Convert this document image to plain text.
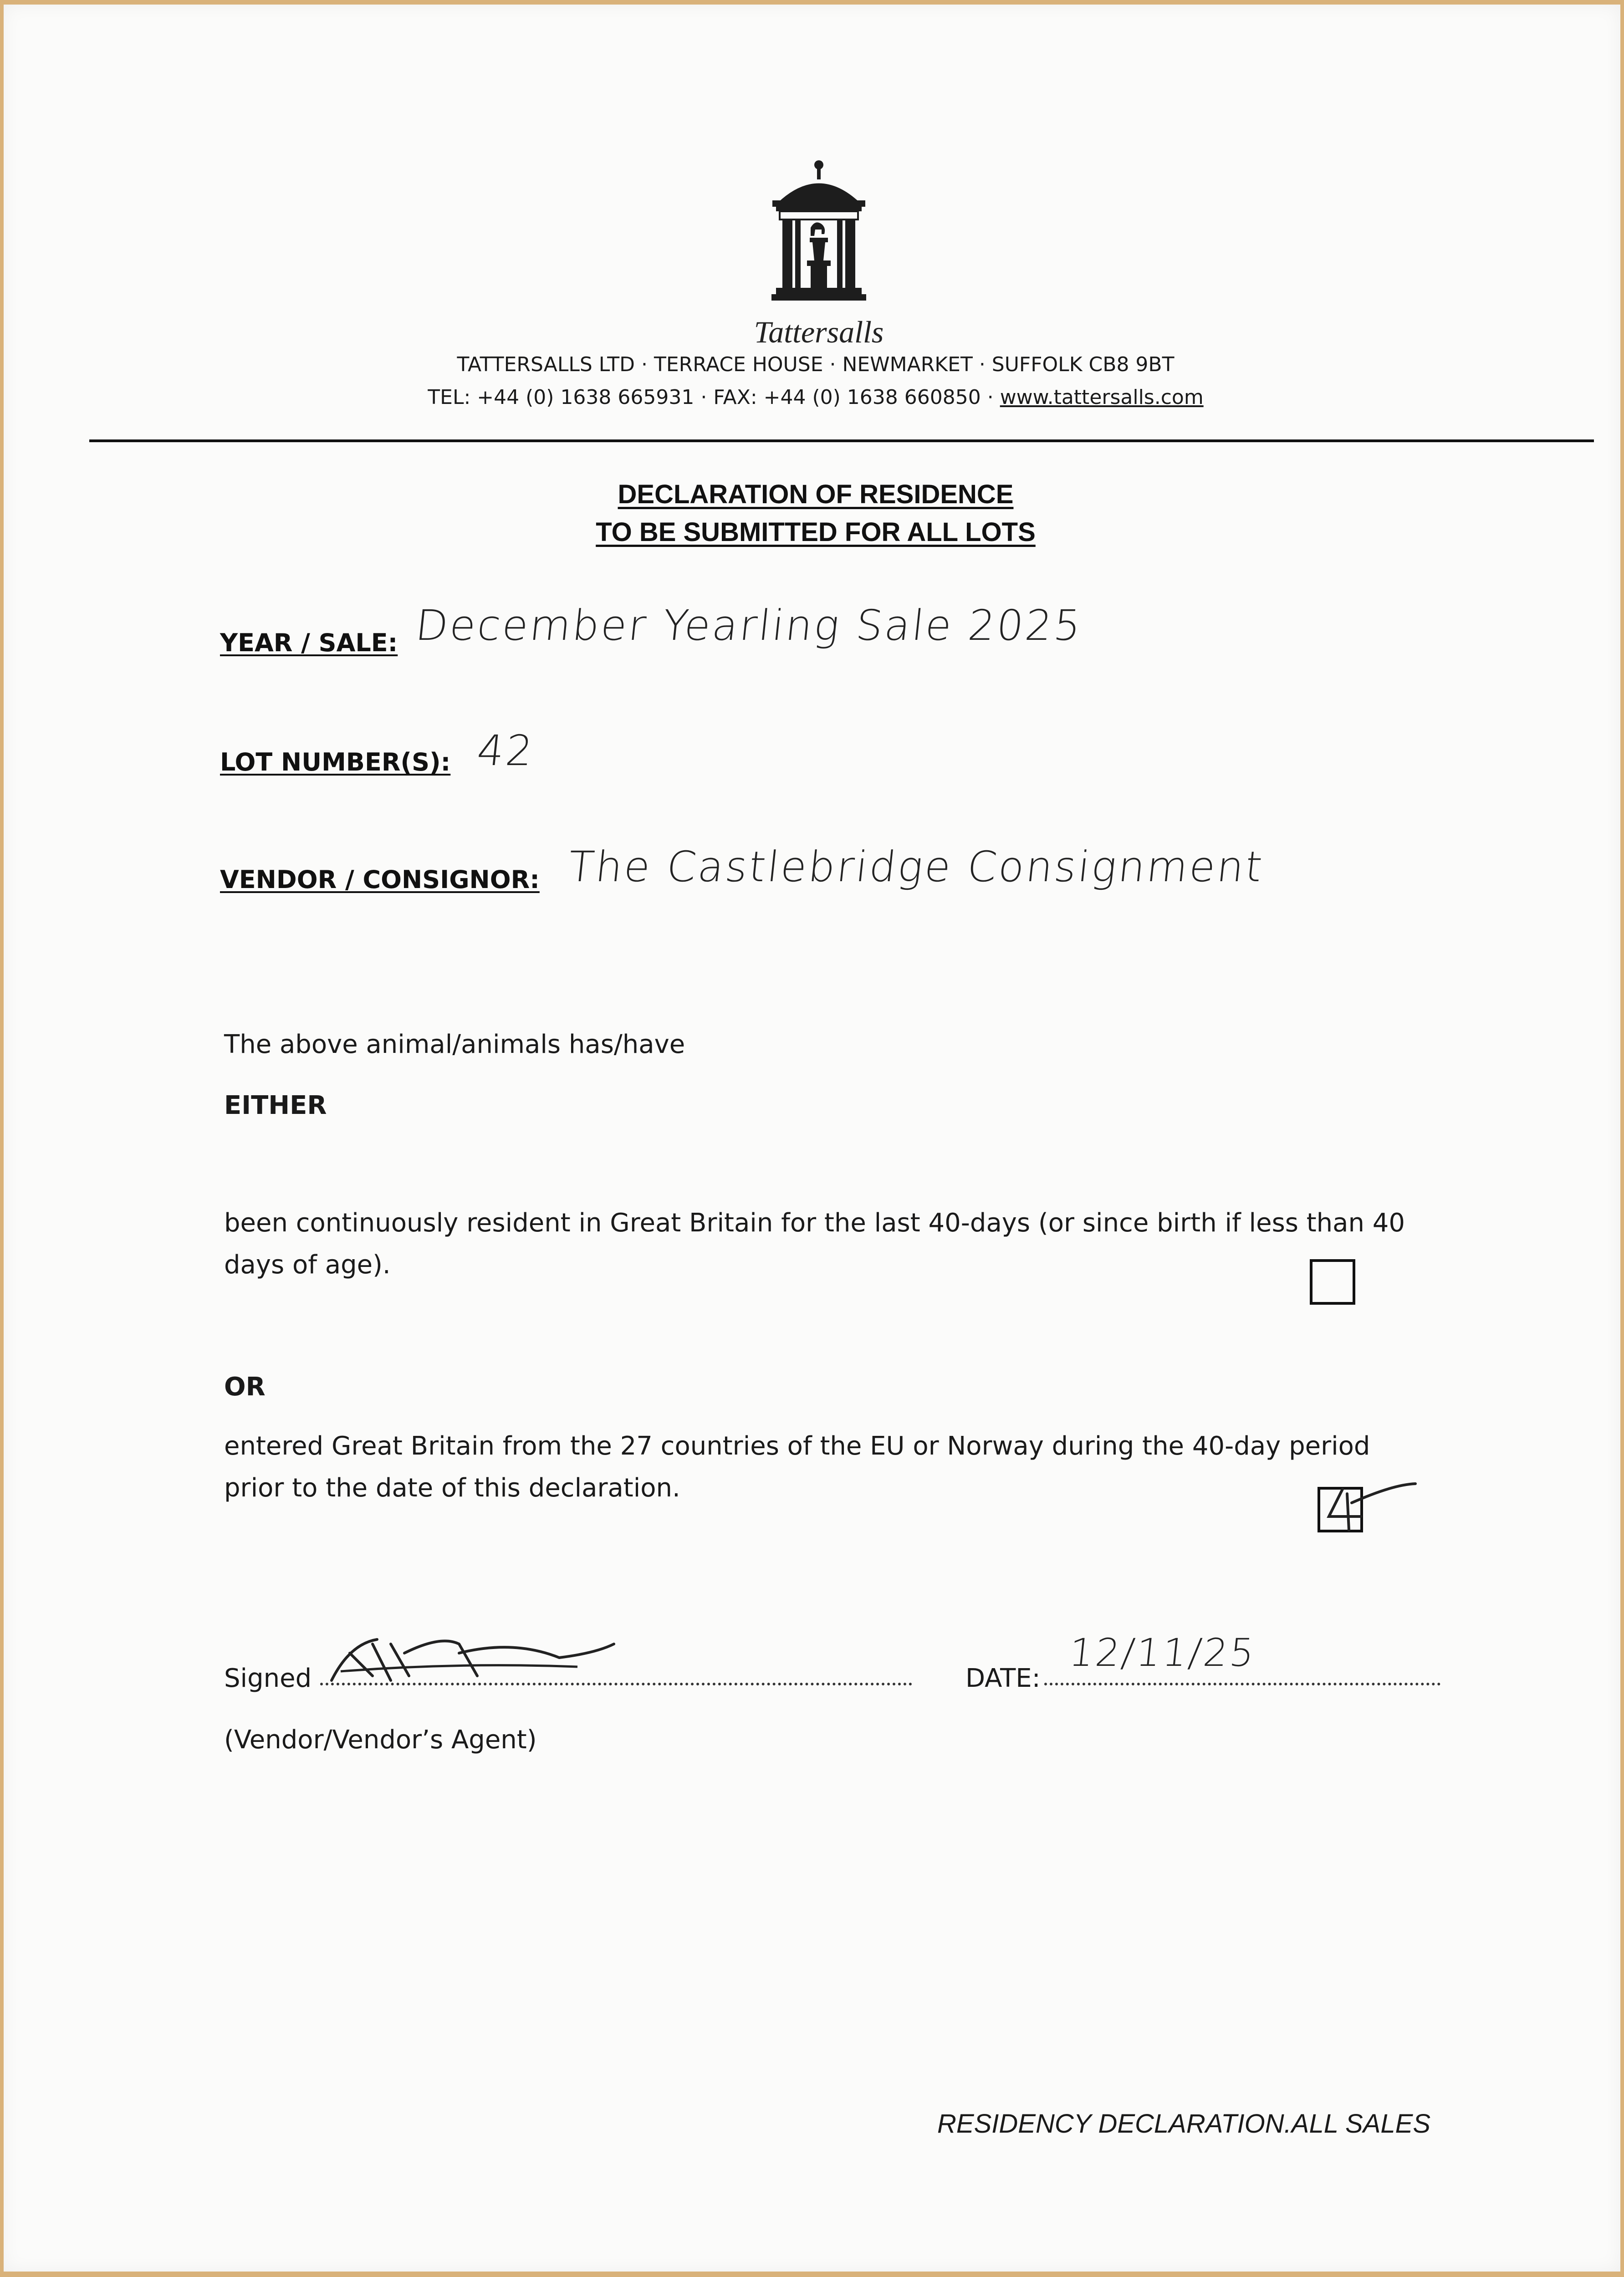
Tattersalls
TATTERSALLS LTD · TERRACE HOUSE · NEWMARKET · SUFFOLK CB8 9BT
TEL: +44 (0) 1638 665931 · FAX: +44 (0) 1638 660850 · www.tattersalls.com
DECLARATION OF RESIDENCE
TO BE SUBMITTED FOR ALL LOTS
YEAR / SALE: December Yearling Sale 2025
LOT NUMBER(S): 42
VENDOR / CONSIGNOR: The Castlebridge Consignment
The above animal/animals has/have
EITHER
been continuously resident in Great Britain for the last 40-days (or since birth if less than 40
days of age).
OR
entered Great Britain from the 27 countries of the EU or Norway during the 40-day period
prior to the date of this declaration.
Signed	DATE:
12/11/25
(Vendor/Vendor’s Agent)
RESIDENCY DECLARATION.ALL SALES
